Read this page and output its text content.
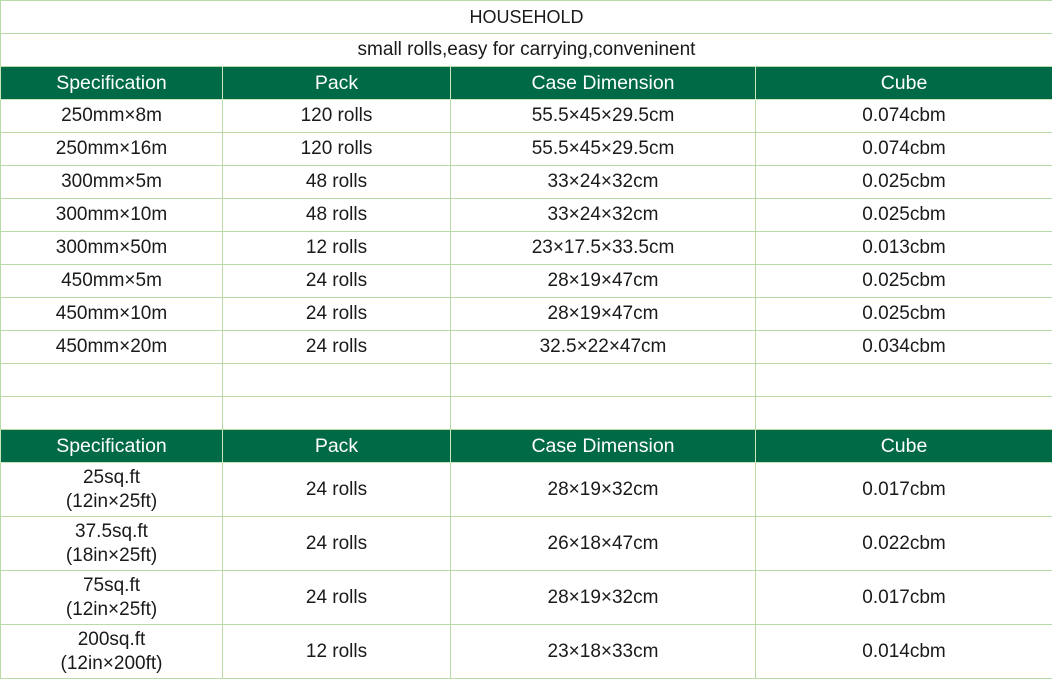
HOUSEHOLD			
small rolls,easy for carrying,conveninent			
Specification	Pack	Case Dimension	Cube
250mm×8m	120 rolls	55.5×45×29.5cm	0.074cbm
250mm×16m	120 rolls	55.5×45×29.5cm	0.074cbm
300mm×5m	48 rolls	33×24×32cm	0.025cbm
300mm×10m	48 rolls	33×24×32cm	0.025cbm
300mm×50m	12 rolls	23×17.5×33.5cm	0.013cbm
450mm×5m	24 rolls	28×19×47cm	0.025cbm
450mm×10m	24 rolls	28×19×47cm	0.025cbm
450mm×20m	24 rolls	32.5×22×47cm	0.034cbm

Specification	Pack	Case Dimension	Cube

25sq.ft
(12in×25ft)	24 rolls	28×19×32cm	0.017cbm

37.5sq.ft
(18in×25ft)	24 rolls	26×18×47cm	0.022cbm

75sq.ft
(12in×25ft)	24 rolls	28×19×32cm	0.017cbm

200sq.ft
(12in×200ft)	12 rolls	23×18×33cm	0.014cbm
